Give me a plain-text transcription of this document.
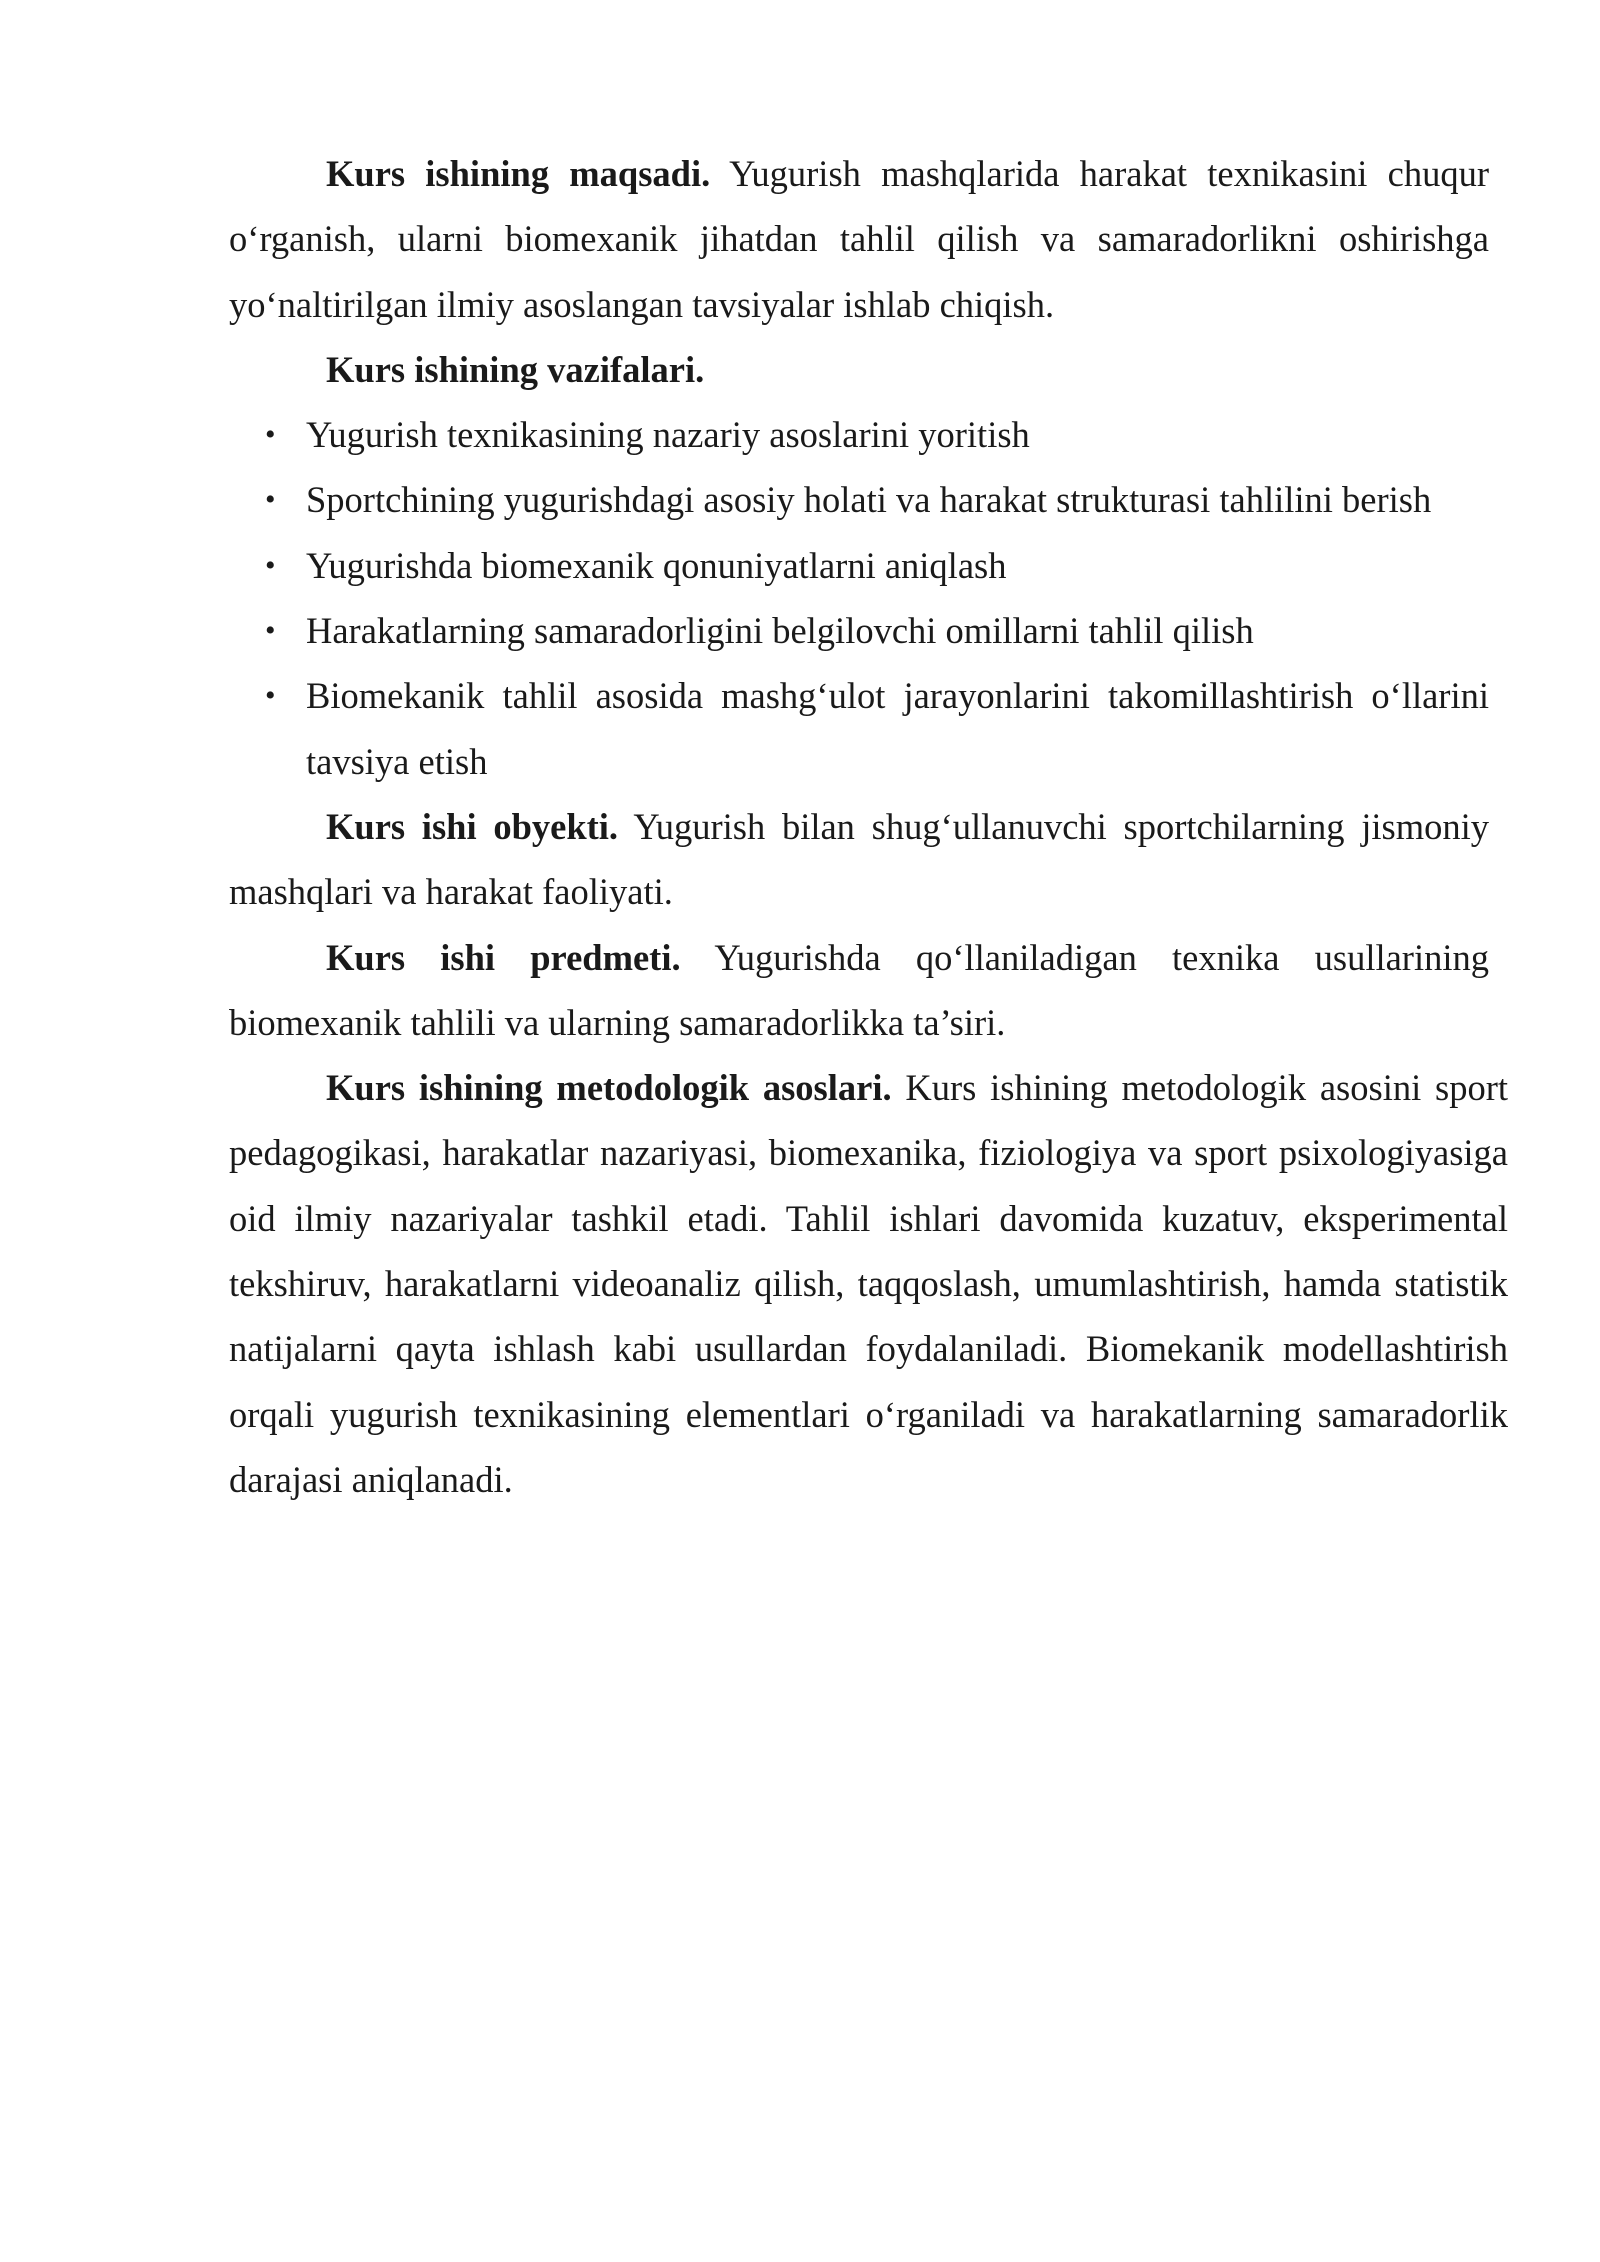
Kurs ishining maqsadi. Yugurish mashqlarida harakat texnikasini chuqur o‘rganish, ularni biomexanik jihatdan tahlil qilish va samaradorlikni oshirishga yo‘naltirilgan ilmiy asoslangan tavsiyalar ishlab chiqish.

Kurs ishining vazifalari.

• Yugurish texnikasining nazariy asoslarini yoritish
• Sportchining yugurishdagi asosiy holati va harakat strukturasi tahlilini berish
• Yugurishda biomexanik qonuniyatlarni aniqlash
• Harakatlarning samaradorligini belgilovchi omillarni tahlil qilish
• Biomekanik tahlil asosida mashg‘ulot jarayonlarini takomillashtirish o‘llarini tavsiya etish

Kurs ishi obyekti. Yugurish bilan shug‘ullanuvchi sportchilarning jismoniy mashqlari va harakat faoliyati.

Kurs ishi predmeti. Yugurishda qo‘llaniladigan texnika usullarining biomexanik tahlili va ularning samaradorlikka ta’siri.

Kurs ishining metodologik asoslari. Kurs ishining metodologik asosini sport pedagogikasi, harakatlar nazariyasi, biomexanika, fiziologiya va sport psixologiyasiga oid ilmiy nazariyalar tashkil etadi. Tahlil ishlari davomida kuzatuv, eksperimental tekshiruv, harakatlarni videoanaliz qilish, taqqoslash, umumlashtirish, hamda statistik natijalarni qayta ishlash kabi usullardan foydalaniladi. Biomekanik modellashtirish orqali yugurish texnikasining elementlari o‘rganiladi va harakatlarning samaradorlik darajasi aniqlanadi.
